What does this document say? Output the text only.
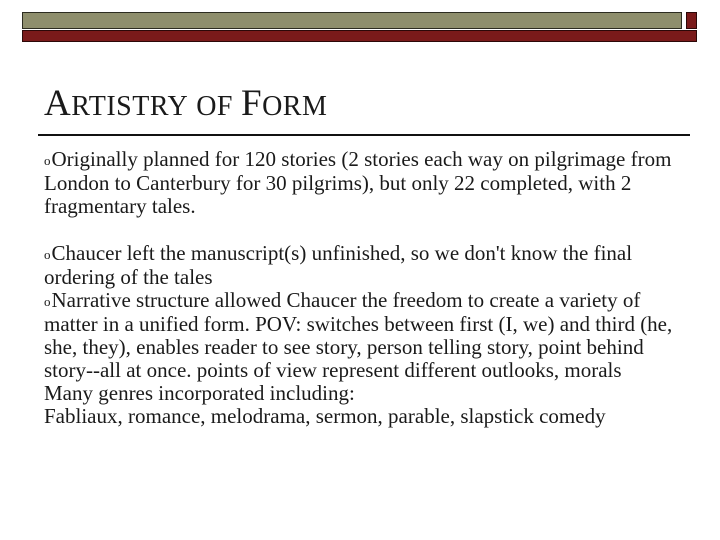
ARTISTRY OF FORM

oOriginally planned for 120 stories (2 stories each way on pilgrimage from London to Canterbury for 30 pilgrims), but only 22 completed, with 2 fragmentary tales.

oChaucer left the manuscript(s) unfinished, so we don't know the final ordering of the tales

oNarrative structure allowed Chaucer the freedom to create a variety of matter in a unified form. POV: switches between first (I, we) and third (he, she, they), enables reader to see story, person telling story, point behind story--all at once. points of view represent different outlooks, morals

Many genres incorporated including:

Fabliaux, romance, melodrama, sermon, parable, slapstick comedy
